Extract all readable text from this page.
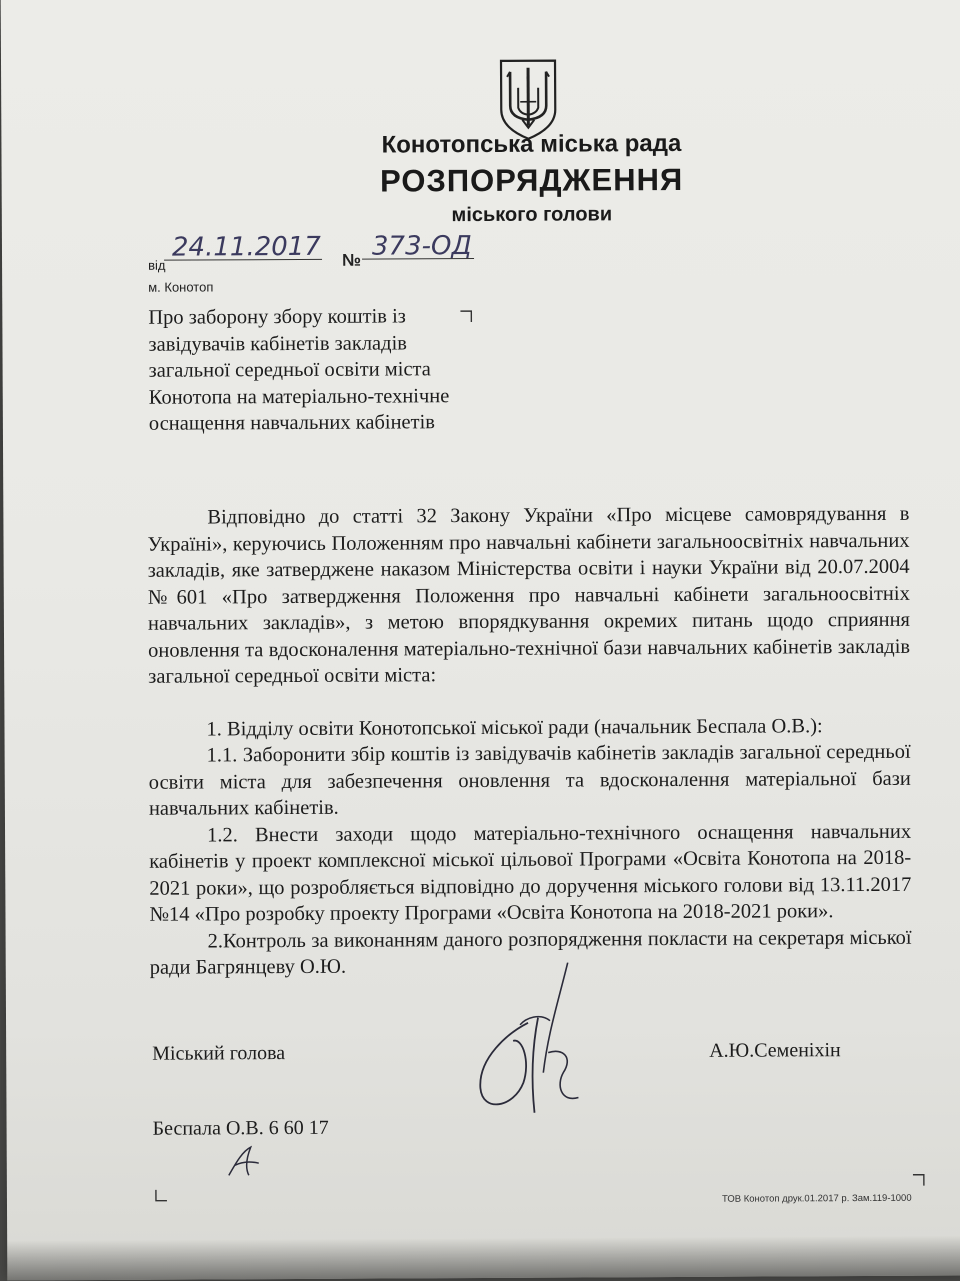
Конотопська міська рада
РОЗПОРЯДЖЕННЯ
міського голови
від
24.11.2017 № 373-ОД
м. Конотоп
Про заборону збору коштів із завідувачів кабінетів закладів загальної середньої освіти міста Конотопа на матеріально-технічне оснащення навчальних кабінетів

Відповідно до статті 32 Закону України «Про місцеве самоврядування в Україні», керуючись Положенням про навчальні кабінети загальноосвітніх навчальних закладів, яке затверджене наказом Міністерства освіти і науки України від 20.07.2004 №601 «Про затвердження Положення про навчальні кабінети загальноосвітніх навчальних закладів», з метою впорядкування окремих питань щодо сприяння оновлення та вдосконалення матеріально-технічної бази навчальних кабінетів закладів загальної середньої освіти міста:

1. Відділу освіти Конотопської міської ради (начальник Беспала О.В.):

1.1. Заборонити збір коштів із завідувачів кабінетів закладів загальної середньої освіти міста для забезпечення оновлення та вдосконалення матеріальної бази навчальних кабінетів.

1.2. Внести заходи щодо матеріально-технічного оснащення навчальних кабінетів у проект комплексної міської цільової Програми «Освіта Конотопа на 2018-2021 роки», що розробляється відповідно до доручення міського голови від 13.11.2017 №14 «Про розробку проекту Програми «Освіта Конотопа на 2018-2021 роки».

2.Контроль за виконанням даного розпорядження покласти на секретаря міської ради Багрянцеву О.Ю.

Міський голова	А.Ю.Семеніхін
Беспала О.В. 6 60 17
ТОВ Конотоп друк.01.2017 р. Зам.119-1000
